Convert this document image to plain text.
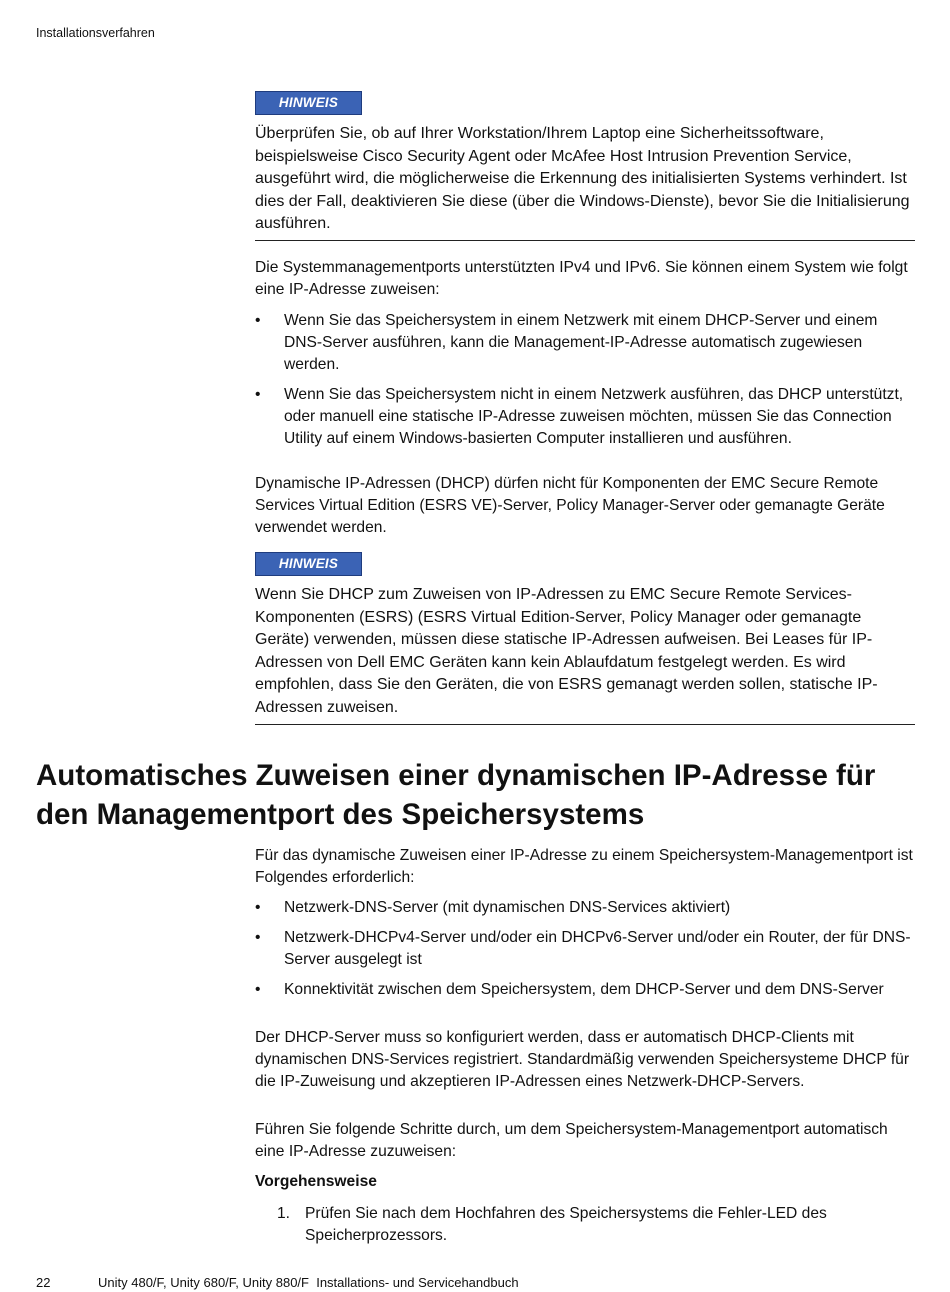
Installationsverfahren
HINWEIS

Überprüfen Sie, ob auf Ihrer Workstation/Ihrem Laptop eine Sicherheitssoftware, beispielsweise Cisco Security Agent oder McAfee Host Intrusion Prevention Service, ausgeführt wird, die möglicherweise die Erkennung des initialisierten Systems verhindert. Ist dies der Fall, deaktivieren Sie diese (über die Windows-Dienste), bevor Sie die Initialisierung ausführen.

Die Systemmanagementports unterstützten IPv4 und IPv6. Sie können einem System wie folgt eine IP-Adresse zuweisen:

•	Wenn Sie das Speichersystem in einem Netzwerk mit einem DHCP-Server und einem DNS-Server ausführen, kann die Management-IP-Adresse automatisch zugewiesen werden.
•	Wenn Sie das Speichersystem nicht in einem Netzwerk ausführen, das DHCP unterstützt, oder manuell eine statische IP-Adresse zuweisen möchten, müssen Sie das Connection Utility auf einem Windows-basierten Computer installieren und ausführen.

Dynamische IP-Adressen (DHCP) dürfen nicht für Komponenten der EMC Secure Remote Services Virtual Edition (ESRS VE)-Server, Policy Manager-Server oder gemanagte Geräte verwendet werden.

HINWEIS

Wenn Sie DHCP zum Zuweisen von IP-Adressen zu EMC Secure Remote Services-Komponenten (ESRS) (ESRS Virtual Edition-Server, Policy Manager oder gemanagte Geräte) verwenden, müssen diese statische IP-Adressen aufweisen. Bei Leases für IP-Adressen von Dell EMC Geräten kann kein Ablaufdatum festgelegt werden. Es wird empfohlen, dass Sie den Geräten, die von ESRS gemanagt werden sollen, statische IP-Adressen zuweisen.

Automatisches Zuweisen einer dynamischen IP-Adresse für den Managementport des Speichersystems

Für das dynamische Zuweisen einer IP-Adresse zu einem Speichersystem-Managementport ist Folgendes erforderlich:

•	Netzwerk-DNS-Server (mit dynamischen DNS-Services aktiviert)
•	Netzwerk-DHCPv4-Server und/oder ein DHCPv6-Server und/oder ein Router, der für DNS-Server ausgelegt ist
•	Konnektivität zwischen dem Speichersystem, dem DHCP-Server und dem DNS-Server

Der DHCP-Server muss so konfiguriert werden, dass er automatisch DHCP-Clients mit dynamischen DNS-Services registriert. Standardmäßig verwenden Speichersysteme DHCP für die IP-Zuweisung und akzeptieren IP-Adressen eines Netzwerk-DHCP-Servers.

Führen Sie folgende Schritte durch, um dem Speichersystem-Managementport automatisch eine IP-Adresse zuzuweisen:

Vorgehensweise

1. Prüfen Sie nach dem Hochfahren des Speichersystems die Fehler-LED des Speicherprozessors.
22	Unity 480/F, Unity 680/F, Unity 880/F  Installations- und Servicehandbuch
